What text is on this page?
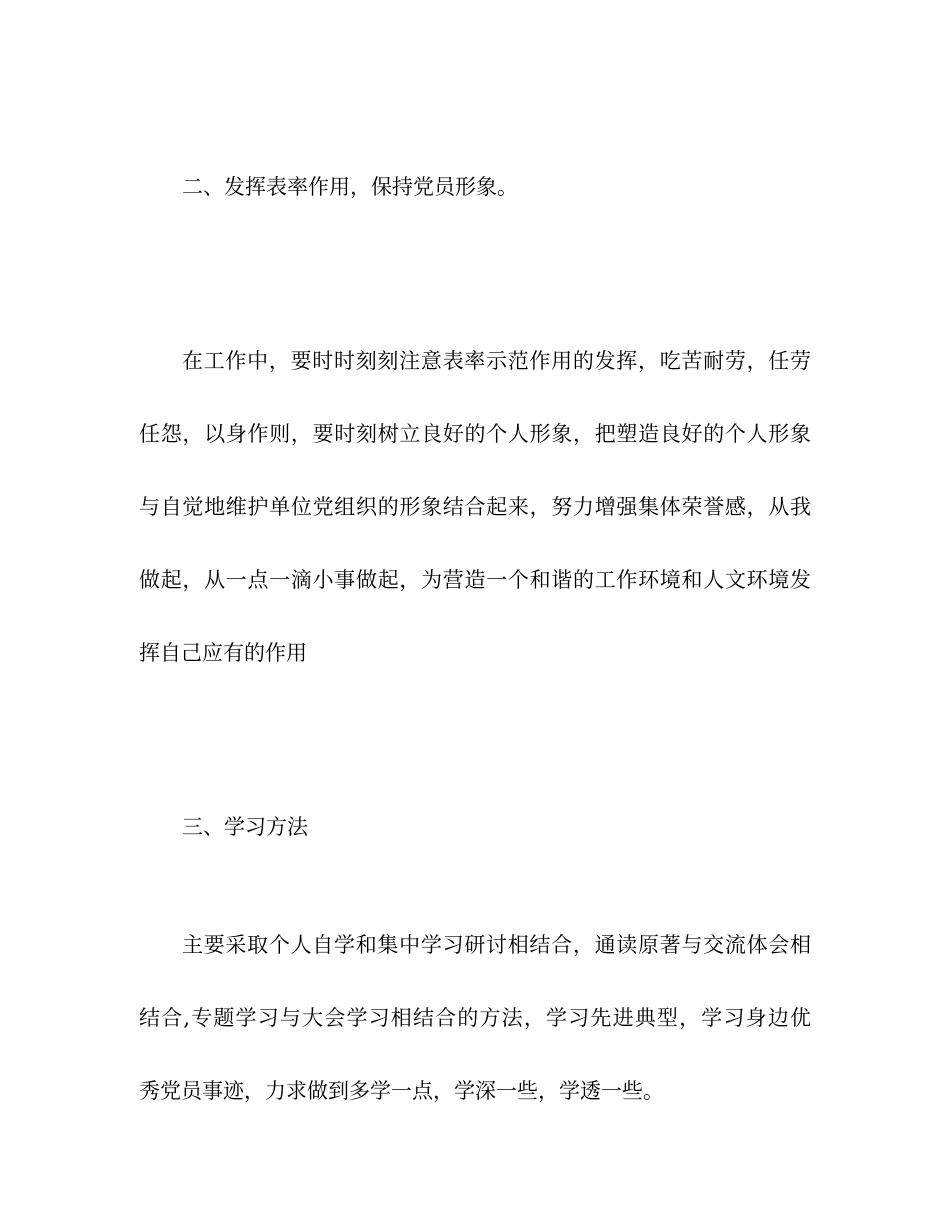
二、发挥表率作用，保持党员形象。
在工作中，要时时刻刻注意表率示范作用的发挥，吃苦耐劳，任劳
任怨，以身作则，要时刻树立良好的个人形象，把塑造良好的个人形象
与自觉地维护单位党组织的形象结合起来，努力增强集体荣誉感，从我
做起，从一点一滴小事做起，为营造一个和谐的工作环境和人文环境发
挥自己应有的作用
三、学习方法
主要采取个人自学和集中学习研讨相结合，通读原著与交流体会相
结合,专题学习与大会学习相结合的方法，学习先进典型，学习身边优
秀党员事迹，力求做到多学一点，学深一些，学透一些。
